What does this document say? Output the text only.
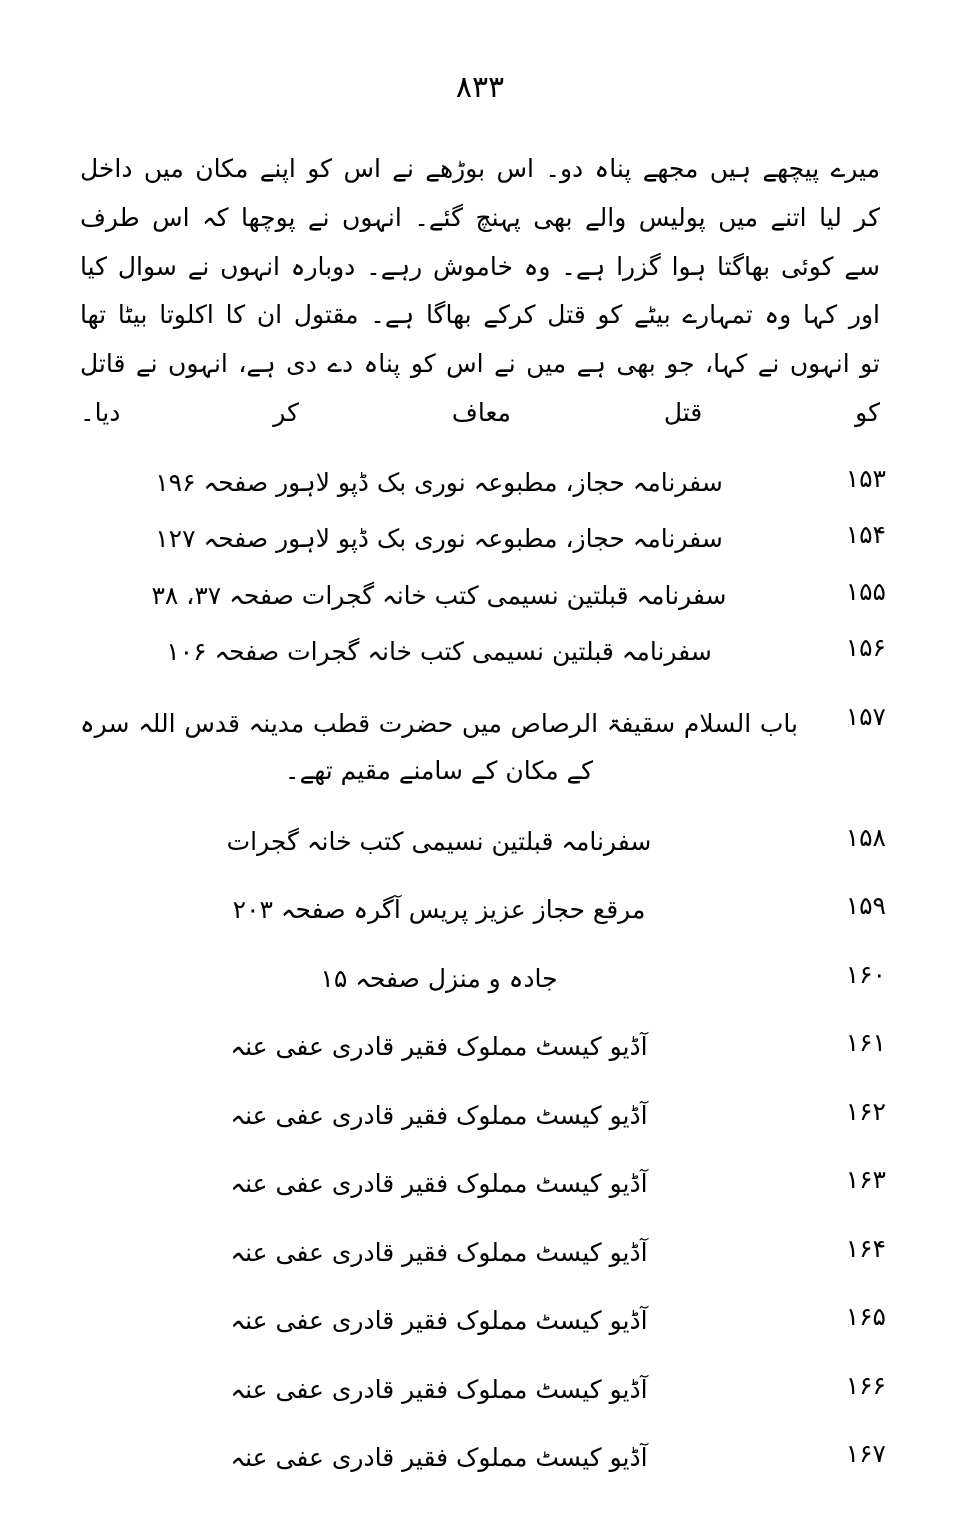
۸۳۳

میرے پیچھے ہیں مجھے پناہ دو۔ اس بوڑھے نے اس کو اپنے مکان میں داخل کر لیا اتنے میں پولیس والے بھی پہنچ گئے۔ انہوں نے پوچھا کہ اس طرف سے کوئی بھاگتا ہوا گزرا ہے۔ وہ خاموش رہے۔ دوبارہ انہوں نے سوال کیا اور کہا وہ تمہارے بیٹے کو قتل کرکے بھاگا ہے۔ مقتول ان کا اکلوتا بیٹا تھا تو انہوں نے کہا، جو بھی ہے میں نے اس کو پناہ دے دی ہے، انہوں نے قاتل کو قتل معاف کر دیا۔

۱۵۳
سفرنامہ حجاز، مطبوعہ نوری بک ڈپو لاہور صفحہ ۱۹۶
۱۵۴
سفرنامہ حجاز، مطبوعہ نوری بک ڈپو لاہور صفحہ ۱۲۷
۱۵۵
سفرنامہ قبلتین نسیمی کتب خانہ گجرات صفحہ ۳۷، ۳۸
۱۵۶
سفرنامہ قبلتین نسیمی کتب خانہ گجرات صفحہ ۱۰۶
۱۵۷
باب السلام سقیفۃ الرصاص میں حضرت قطب مدینہ قدس اللہ سرہ کے مکان کے سامنے مقیم تھے۔
۱۵۸
سفرنامہ قبلتین نسیمی کتب خانہ گجرات
۱۵۹
مرقع حجاز عزیز پریس آگرہ صفحہ ۲۰۳
۱۶۰
جادہ و منزل صفحہ ۱۵
۱۶۱
آڈیو کیسٹ مملوک فقیر قادری عفی عنہ
۱۶۲
آڈیو کیسٹ مملوک فقیر قادری عفی عنہ
۱۶۳
آڈیو کیسٹ مملوک فقیر قادری عفی عنہ
۱۶۴
آڈیو کیسٹ مملوک فقیر قادری عفی عنہ
۱۶۵
آڈیو کیسٹ مملوک فقیر قادری عفی عنہ
۱۶۶
آڈیو کیسٹ مملوک فقیر قادری عفی عنہ
۱۶۷
آڈیو کیسٹ مملوک فقیر قادری عفی عنہ
